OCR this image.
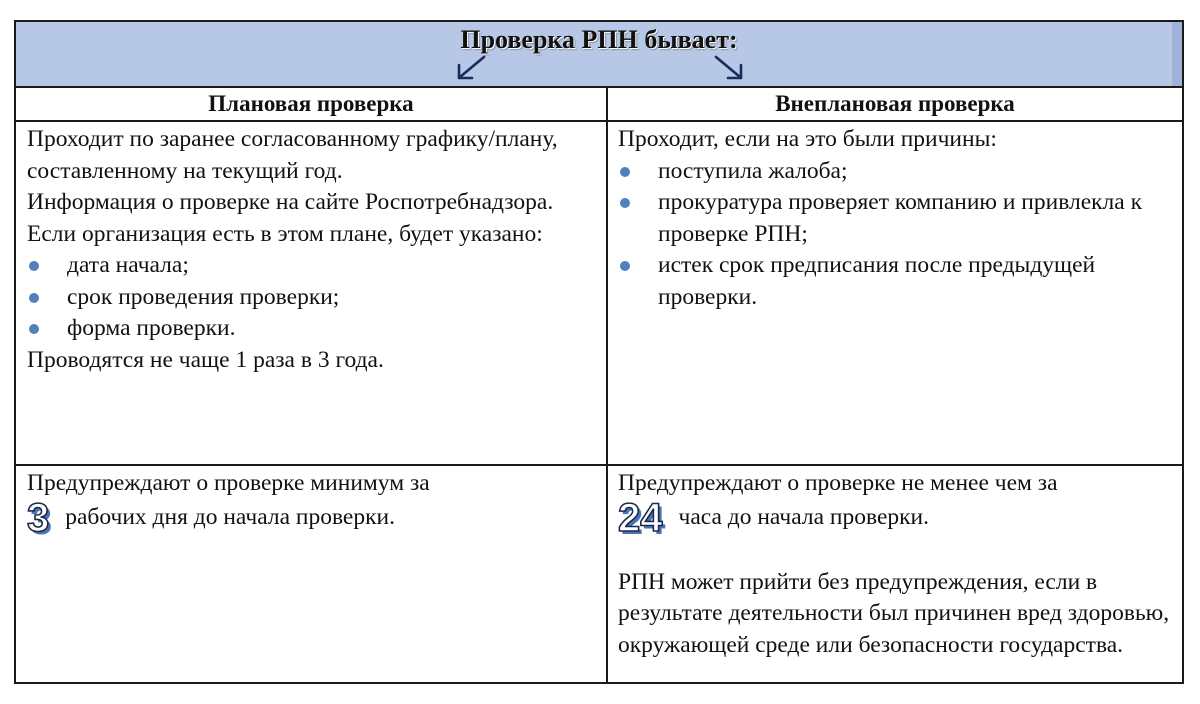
Проверка РПН бывает:
Плановая проверка	Внеплановая проверка

Проходит по заранее согласованному графику/плану, составленному на текущий год.

Информация о проверке на сайте Роспотребнадзора.

Если организация есть в этом плане, будет указано:

дата начала;
срок проведения проверки;
форма проверки.

Проводятся не чаще 1 раза в 3 года.

Проходит, если на это были причины:

поступила жалоба;
прокуратура проверяет компанию и привлекла к проверке РПН;
истек срок предписания после предыдущей проверки.

Предупреждают о проверке минимум за

3 рабочих дня до начала проверки.

Предупреждают о проверке не менее чем за

24 часа до начала проверки.

РПН может прийти без предупреждения, если в результате деятельности был причинен вред здоровью, окружающей среде или безопасности государства.
